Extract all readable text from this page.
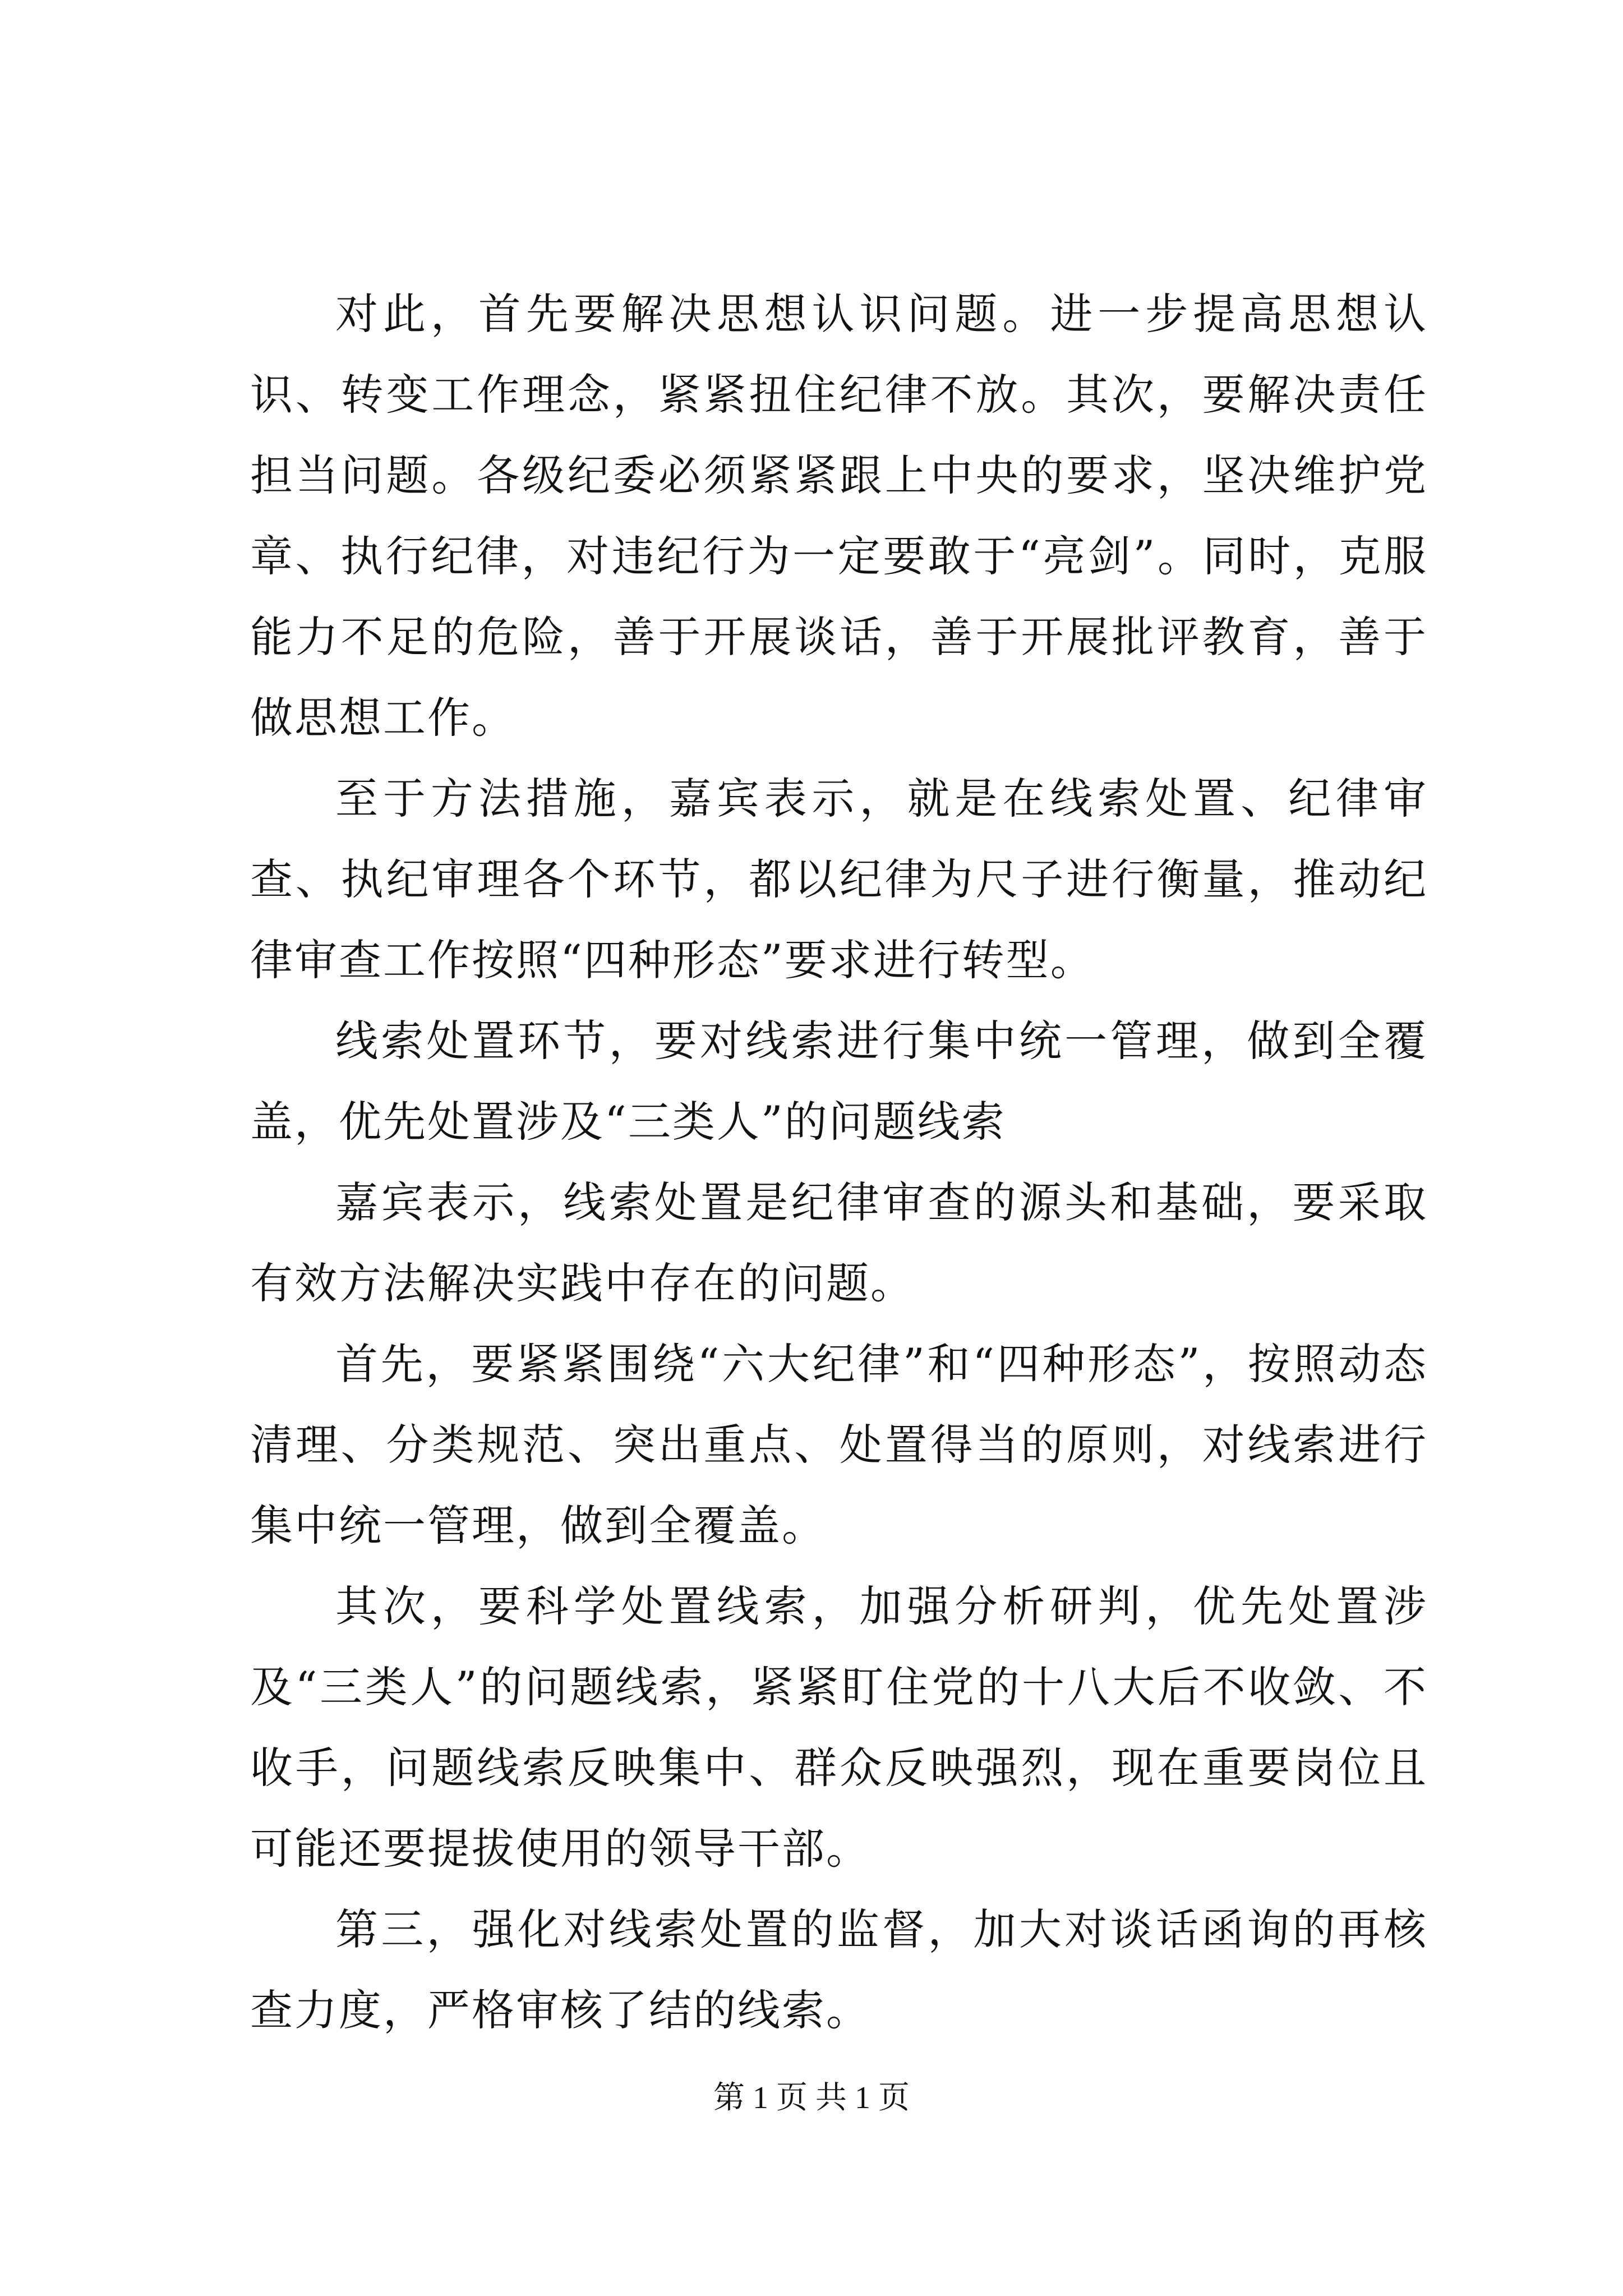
对此，首先要解决思想认识问题。进一步提高思想认识、转变工作理念，紧紧扭住纪律不放。其次，要解决责任担当问题。各级纪委必须紧紧跟上中央的要求，坚决维护党章、执行纪律，对违纪行为一定要敢于“亮剑”。同时，克服能力不足的危险，善于开展谈话，善于开展批评教育，善于做思想工作。

至于方法措施，嘉宾表示，就是在线索处置、纪律审查、执纪审理各个环节，都以纪律为尺子进行衡量，推动纪律审查工作按照“四种形态”要求进行转型。

线索处置环节，要对线索进行集中统一管理，做到全覆盖，优先处置涉及“三类人”的问题线索

嘉宾表示，线索处置是纪律审查的源头和基础，要采取有效方法解决实践中存在的问题。

首先，要紧紧围绕“六大纪律”和“四种形态”，按照动态清理、分类规范、突出重点、处置得当的原则，对线索进行集中统一管理，做到全覆盖。

其次，要科学处置线索，加强分析研判，优先处置涉及“三类人”的问题线索，紧紧盯住党的十八大后不收敛、不收手，问题线索反映集中、群众反映强烈，现在重要岗位且可能还要提拔使用的领导干部。

第三，强化对线索处置的监督，加大对谈话函询的再核查力度，严格审核了结的线索。

第 1 页 共 1 页
